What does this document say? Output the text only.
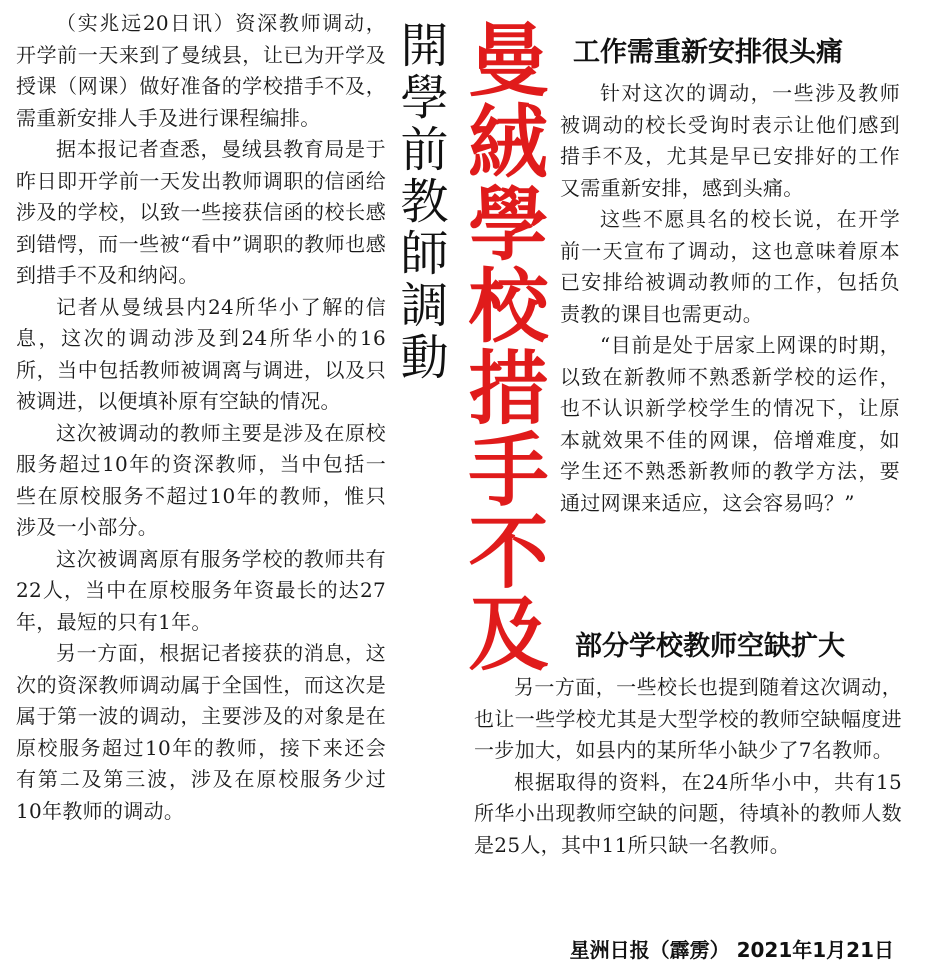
（实兆远20日讯）资深教师调动，开学前一天来到了曼绒县，让已为开学及授课（网课）做好准备的学校措手不及，需重新安排人手及进行课程编排。

据本报记者查悉，曼绒县教育局是于昨日即开学前一天发出教师调职的信函给涉及的学校，以致一些接获信函的校长感到错愕，而一些被“看中”调职的教师也感到措手不及和纳闷。

记者从曼绒县内24所华小了解的信息，这次的调动涉及到24所华小的16所，当中包括教师被调离与调进，以及只被调进，以便填补原有空缺的情况。

这次被调动的教师主要是涉及在原校服务超过10年的资深教师，当中包括一些在原校服务不超过10年的教师，惟只涉及一小部分。

这次被调离原有服务学校的教师共有22人，当中在原校服务年资最长的达27年，最短的只有1年。

另一方面，根据记者接获的消息，这次的资深教师调动属于全国性，而这次是属于第一波的调动，主要涉及的对象是在原校服务超过10年的教师，接下来还会有第二及第三波，涉及在原校服务少过10年教师的调动。

開學前教師調動 曼絨學校措手不及 工作需重新安排很头痛

针对这次的调动，一些涉及教师被调动的校长受询时表示让他们感到措手不及，尤其是早已安排好的工作又需重新安排，感到头痛。

这些不愿具名的校长说，在开学前一天宣布了调动，这也意味着原本已安排给被调动教师的工作，包括负责教的课目也需更动。

“目前是处于居家上网课的时期，以致在新教师不熟悉新学校的运作，也不认识新学校学生的情况下，让原本就效果不佳的网课，倍增难度，如学生还不熟悉新教师的教学方法，要通过网课来适应，这会容易吗？”

部分学校教师空缺扩大

另一方面，一些校长也提到随着这次调动，也让一些学校尤其是大型学校的教师空缺幅度进一步加大，如县内的某所华小缺少了7名教师。

根据取得的资料，在24所华小中，共有15所华小出现教师空缺的问题，待填补的教师人数是25人，其中11所只缺一名教师。

星洲日报（霹雳） 2021年1月21日
